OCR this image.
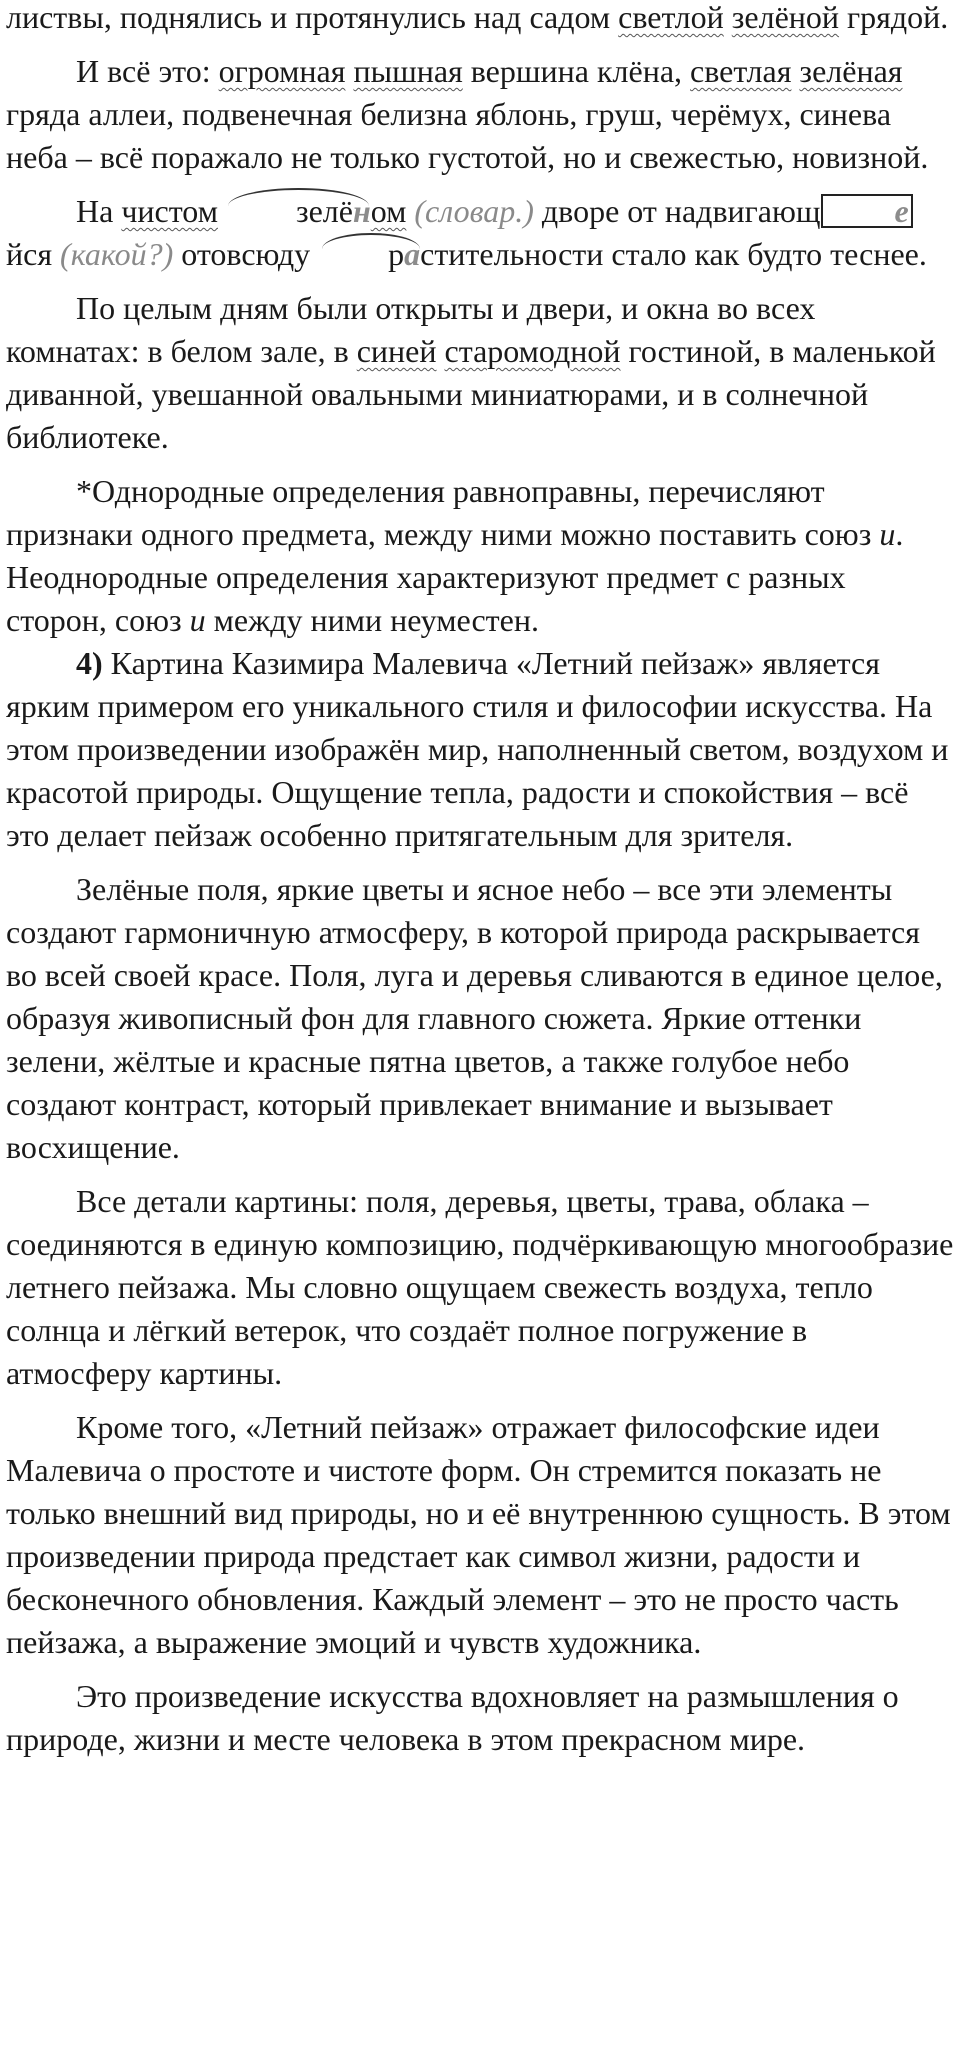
листвы, поднялись и протянулись над садом светлой зелёной грядой.

И всё это: огромная пышная вершина клёна, светлая зелёная гряда аллеи, подвенечная белизна яблонь, груш, черёмух, синева неба – всё поражало не только густотой, но и свежестью, новизной.

На чистом зелёном (словар.) дворе от надвигающ ейся (какой?) отовсюду растительности стало как будто теснее.

По целым дням были открыты и двери, и окна во всех комнатах: в белом зале, в синей старомодной гостиной, в маленькой диванной, увешанной овальными миниатюрами, и в солнечной библиотеке.

*Однородные определения равноправны, перечисляют признаки одного предмета, между ними можно поставить союз и. Неоднородные определения характеризуют предмет с разных сторон, союз и между ними неуместен.

4) Картина Казимира Малевича «Летний пейзаж» является ярким примером его уникального стиля и философии искусства. На этом произведении изображён мир, наполненный светом, воздухом и красотой природы. Ощущение тепла, радости и спокойствия – всё это делает пейзаж особенно притягательным для зрителя.

Зелёные поля, яркие цветы и ясное небо – все эти элементы создают гармоничную атмосферу, в которой природа раскрывается во всей своей красе. Поля, луга и деревья сливаются в единое целое, образуя живописный фон для главного сюжета. Яркие оттенки зелени, жёлтые и красные пятна цветов, а также голубое небо создают контраст, который привлекает внимание и вызывает восхищение.

Все детали картины: поля, деревья, цветы, трава, облака – соединяются в единую композицию, подчёркивающую многообразие летнего пейзажа. Мы словно ощущаем свежесть воздуха, тепло солнца и лёгкий ветерок, что создаёт полное погружение в атмосферу картины.

Кроме того, «Летний пейзаж» отражает философские идеи Малевича о простоте и чистоте форм. Он стремится показать не только внешний вид природы, но и её внутреннюю сущность. В этом произведении природа предстает как символ жизни, радости и бесконечного обновления. Каждый элемент – это не просто часть пейзажа, а выражение эмоций и чувств художника.

Это произведение искусства вдохновляет на размышления о природе, жизни и месте человека в этом прекрасном мире.
